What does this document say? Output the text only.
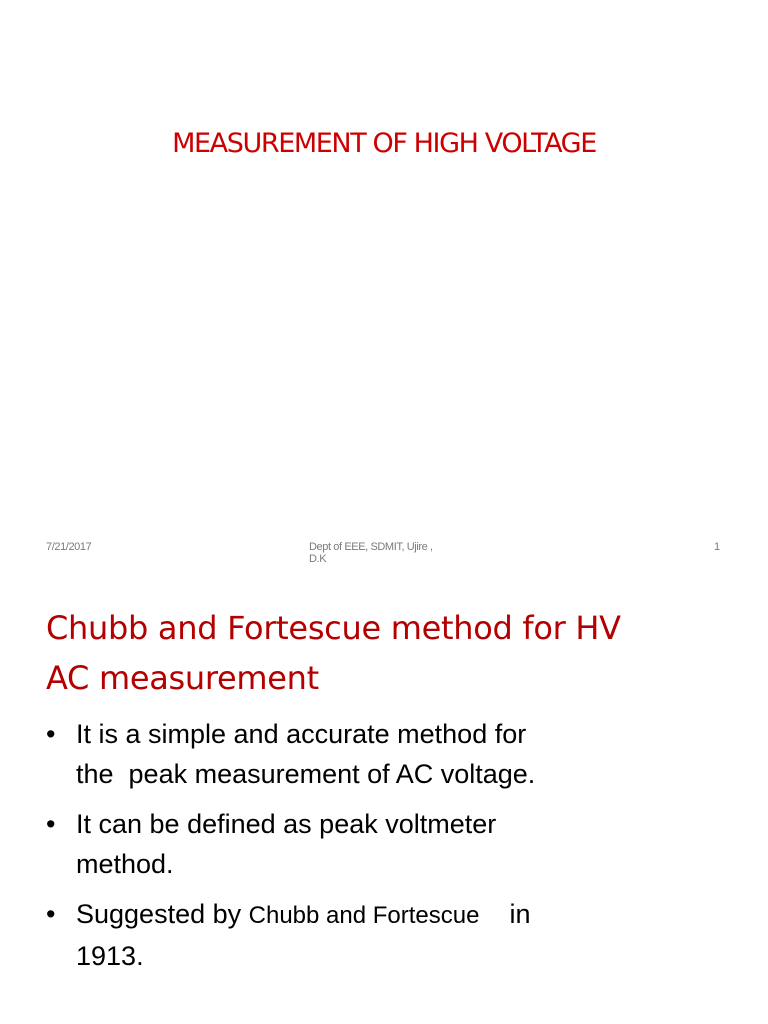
MEASUREMENT OF HIGH VOLTAGE
7/21/2017	Dept of EEE, SDMIT, Ujire ,
D.K
1
Chubb and Fortescue method for HV
AC measurement
• It is a simple and accurate method for
the  peak measurement of AC voltage.
• It can be defined as peak voltmeter
method.
• Suggested by Chubb and Fortescue    in
1913.
